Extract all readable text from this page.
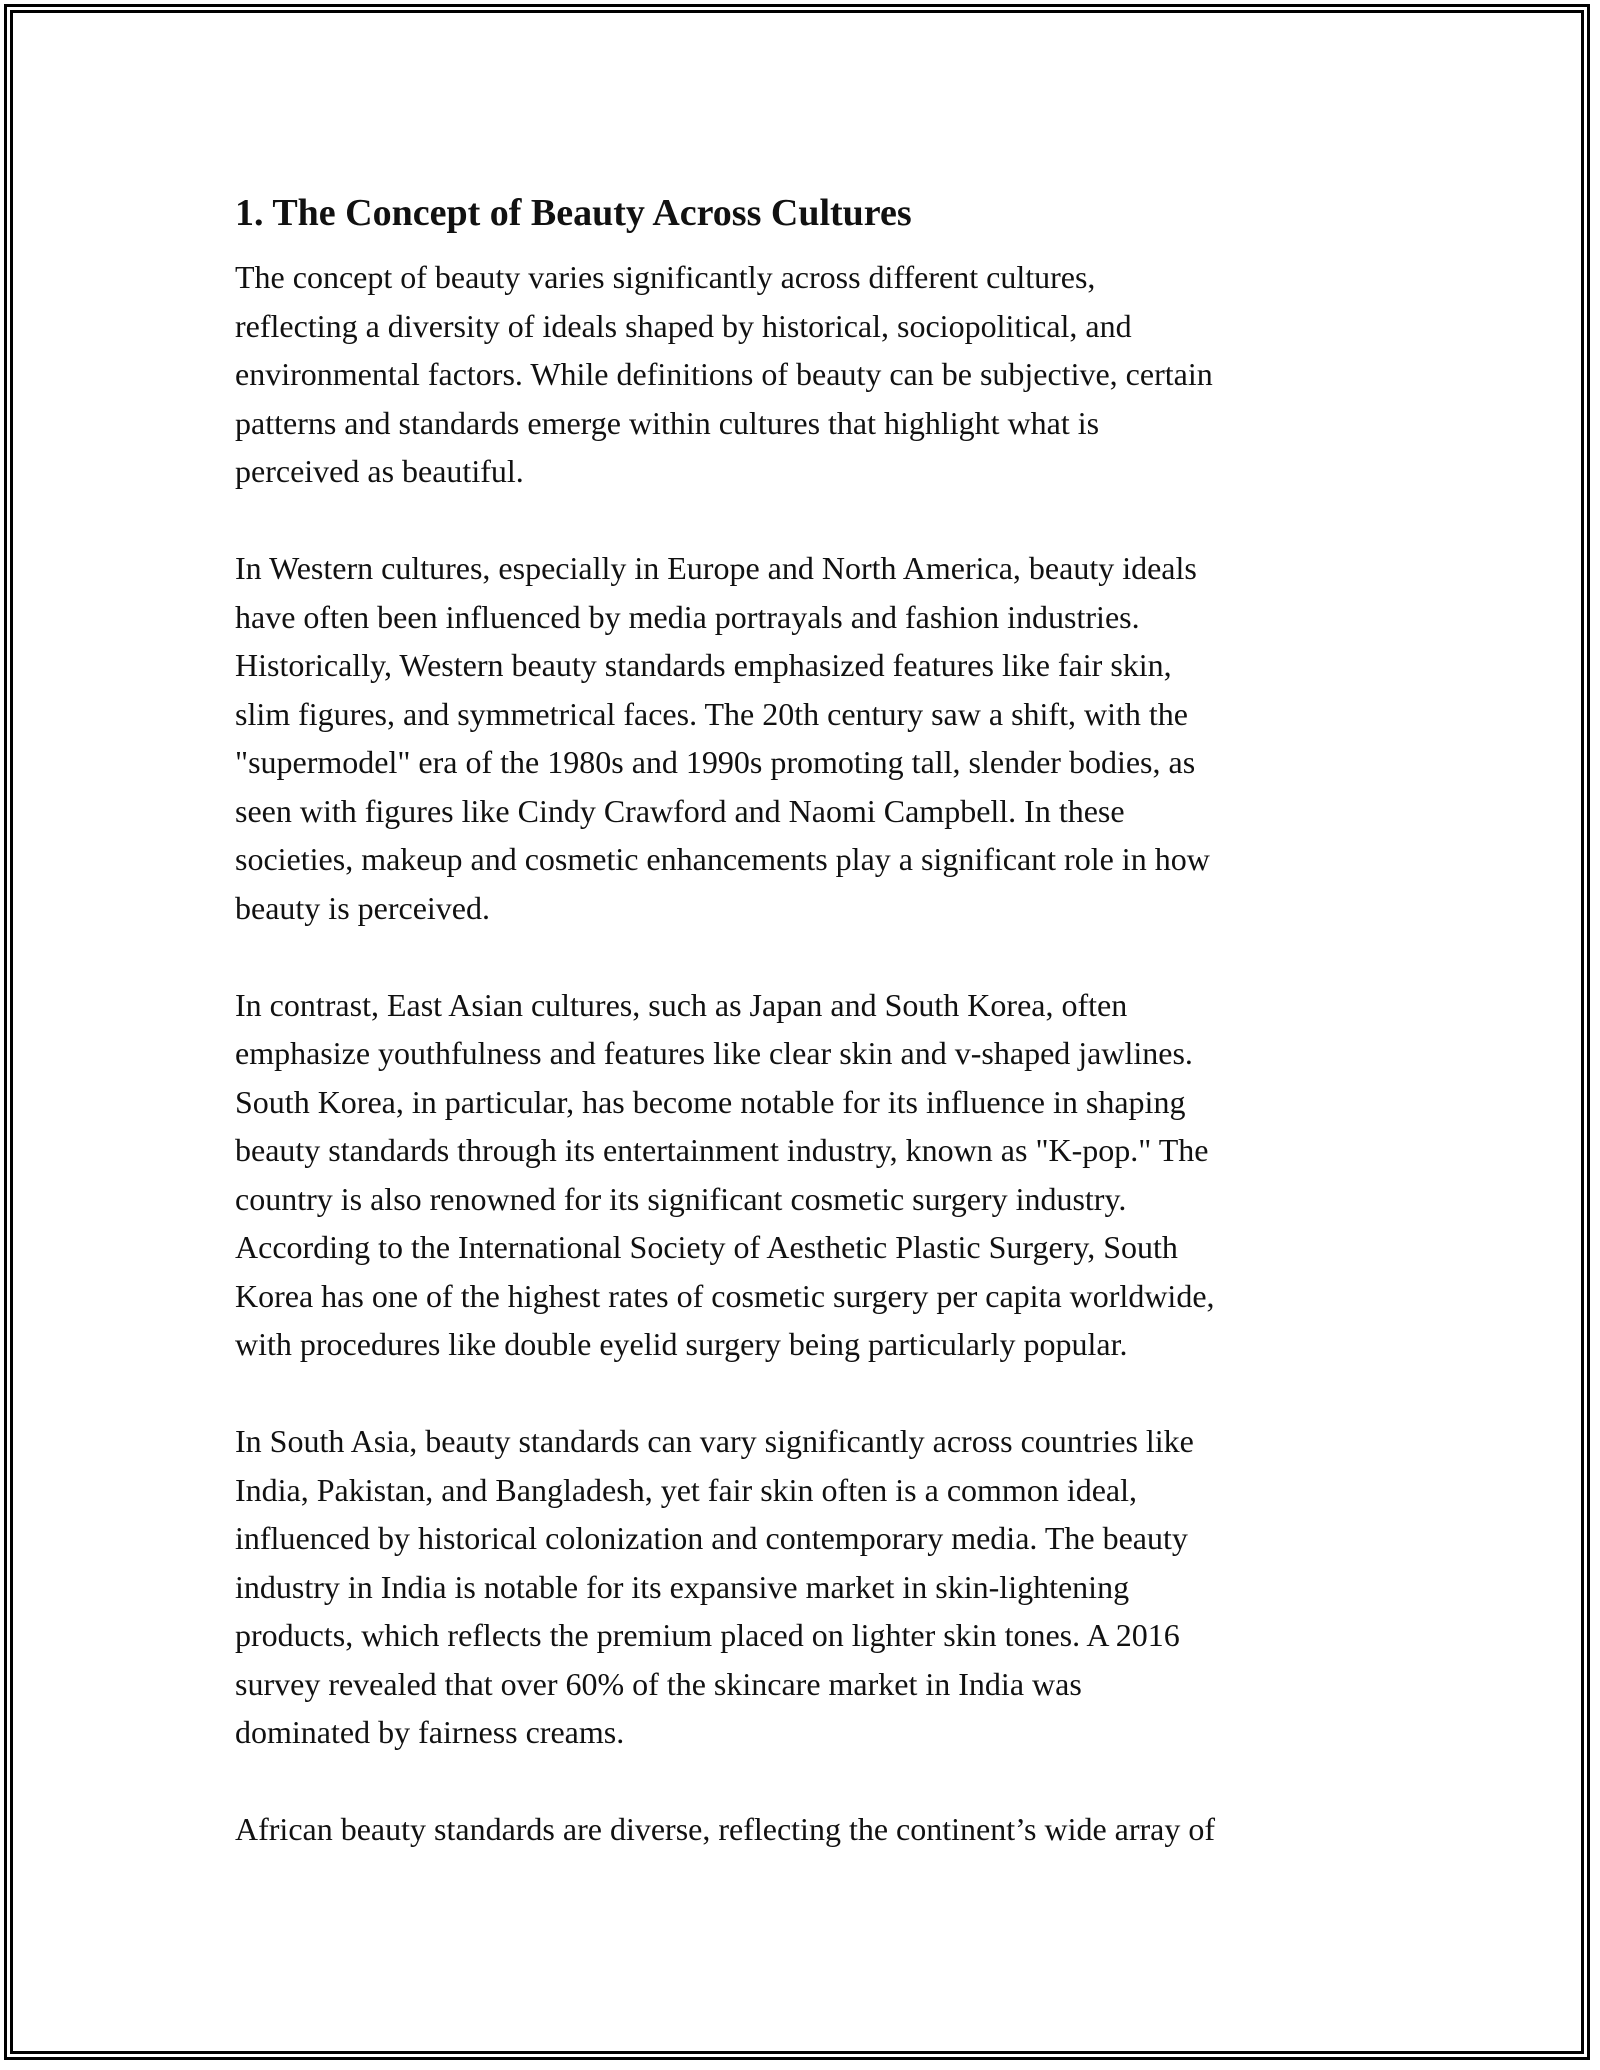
1. The Concept of Beauty Across Cultures

The concept of beauty varies significantly across different cultures,
reflecting a diversity of ideals shaped by historical, sociopolitical, and
environmental factors. While definitions of beauty can be subjective, certain
patterns and standards emerge within cultures that highlight what is
perceived as beautiful.

In Western cultures, especially in Europe and North America, beauty ideals
have often been influenced by media portrayals and fashion industries.
Historically, Western beauty standards emphasized features like fair skin,
slim figures, and symmetrical faces. The 20th century saw a shift, with the
"supermodel" era of the 1980s and 1990s promoting tall, slender bodies, as
seen with figures like Cindy Crawford and Naomi Campbell. In these
societies, makeup and cosmetic enhancements play a significant role in how
beauty is perceived.

In contrast, East Asian cultures, such as Japan and South Korea, often
emphasize youthfulness and features like clear skin and v-shaped jawlines.
South Korea, in particular, has become notable for its influence in shaping
beauty standards through its entertainment industry, known as "K-pop." The
country is also renowned for its significant cosmetic surgery industry.
According to the International Society of Aesthetic Plastic Surgery, South
Korea has one of the highest rates of cosmetic surgery per capita worldwide,
with procedures like double eyelid surgery being particularly popular.

In South Asia, beauty standards can vary significantly across countries like
India, Pakistan, and Bangladesh, yet fair skin often is a common ideal,
influenced by historical colonization and contemporary media. The beauty
industry in India is notable for its expansive market in skin-lightening
products, which reflects the premium placed on lighter skin tones. A 2016
survey revealed that over 60% of the skincare market in India was
dominated by fairness creams.

African beauty standards are diverse, reflecting the continent’s wide array of
